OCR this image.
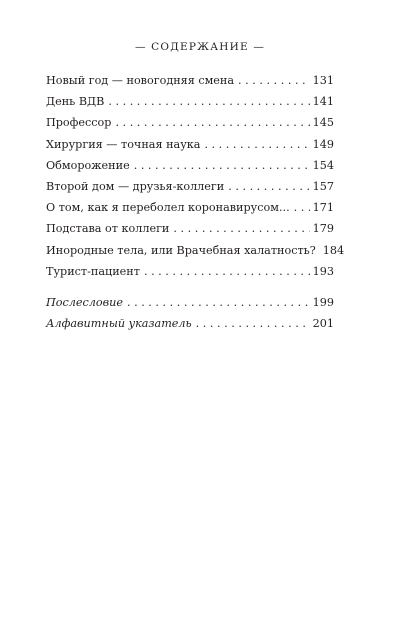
— СОДЕРЖАНИЕ —
Новый год — новогодняя смена . . .	131
День ВДВ . . .	141
Профессор . . .	145
Хирургия — точная наука . . .	149
Обморожение . . .	154
Второй дом — друзья-коллеги . . .	157
О том, как я переболел коронавирусом... . . . 171
Подстава от коллеги . . .	179
Инородные тела, или Врачебная халатность? 184
Турист-пациент . . .	193
Послесловие . . .	199
Алфавитный указатель . . .	201
